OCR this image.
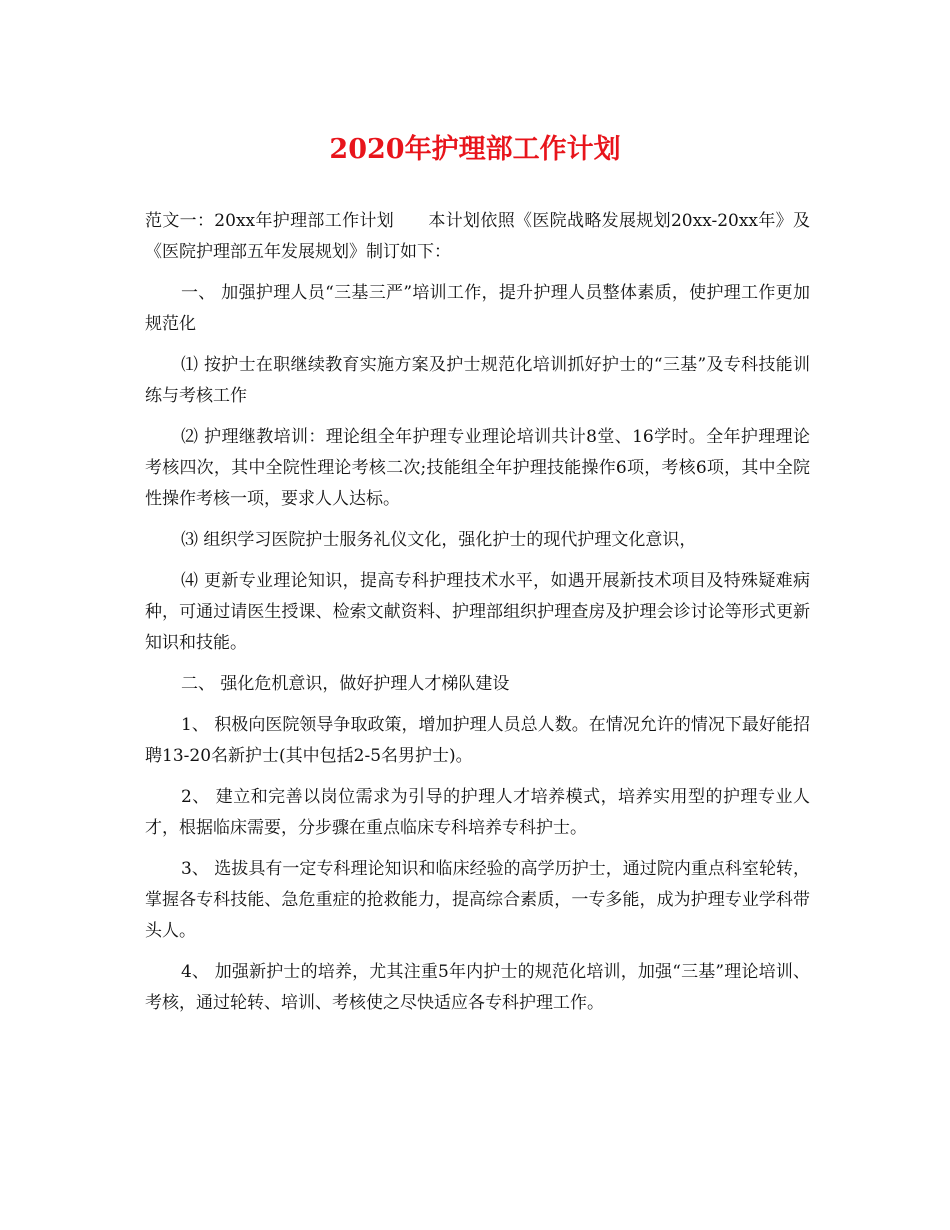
2020年护理部工作计划

范文一：20xx年护理部工作计划 本计划依照《医院战略发展规划20xx-20xx年》及《医院护理部五年发展规划》制订如下：

一、 加强护理人员“三基三严”培训工作，提升护理人员整体素质，使护理工作更加规范化

⑴ 按护士在职继续教育实施方案及护士规范化培训抓好护士的“三基”及专科技能训练与考核工作

⑵ 护理继教培训：理论组全年护理专业理论培训共计8堂、16学时。全年护理理论考核四次，其中全院性理论考核二次;技能组全年护理技能操作6项，考核6项，其中全院性操作考核一项，要求人人达标。

⑶ 组织学习医院护士服务礼仪文化，强化护士的现代护理文化意识，

⑷ 更新专业理论知识，提高专科护理技术水平，如遇开展新技术项目及特殊疑难病种，可通过请医生授课、检索文献资料、护理部组织护理查房及护理会诊讨论等形式更新知识和技能。

二、 强化危机意识，做好护理人才梯队建设

1、 积极向医院领导争取政策，增加护理人员总人数。在情况允许的情况下最好能招聘13-20名新护士(其中包括2-5名男护士)。

2、 建立和完善以岗位需求为引导的护理人才培养模式，培养实用型的护理专业人才，根据临床需要，分步骤在重点临床专科培养专科护士。

3、 选拔具有一定专科理论知识和临床经验的高学历护士，通过院内重点科室轮转，掌握各专科技能、急危重症的抢救能力，提高综合素质，一专多能，成为护理专业学科带头人。

4、 加强新护士的培养，尤其注重5年内护士的规范化培训，加强“三基”理论培训、考核，通过轮转、培训、考核使之尽快适应各专科护理工作。
